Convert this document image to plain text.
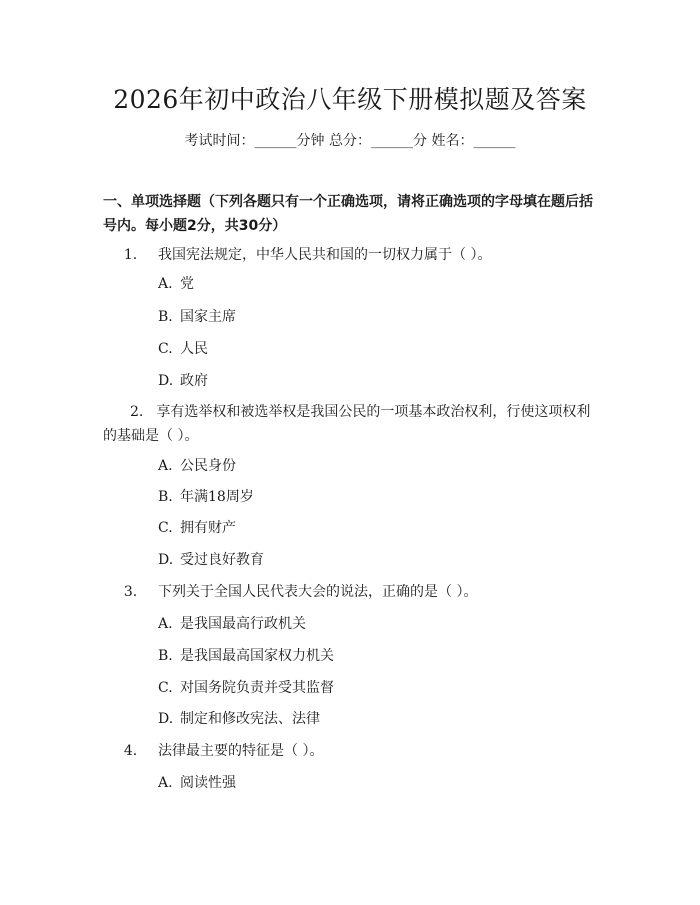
2026年初中政治八年级下册模拟题及答案
考试时间：______分钟 总分：______分 姓名：______
一、单项选择题（下列各题只有一个正确选项，请将正确选项的字母填在题后括号内。每小题2分，共30分）
1. 我国宪法规定，中华人民共和国的一切权力属于（ ）。
A. 党
B. 国家主席
C. 人民
D. 政府
2. 享有选举权和被选举权是我国公民的一项基本政治权利，行使这项权利的基础是（ ）。
A. 公民身份
B. 年满18周岁
C. 拥有财产
D. 受过良好教育
3. 下列关于全国人民代表大会的说法，正确的是（ ）。
A. 是我国最高行政机关
B. 是我国最高国家权力机关
C. 对国务院负责并受其监督
D. 制定和修改宪法、法律
4. 法律最主要的特征是（ ）。
A. 阅读性强
